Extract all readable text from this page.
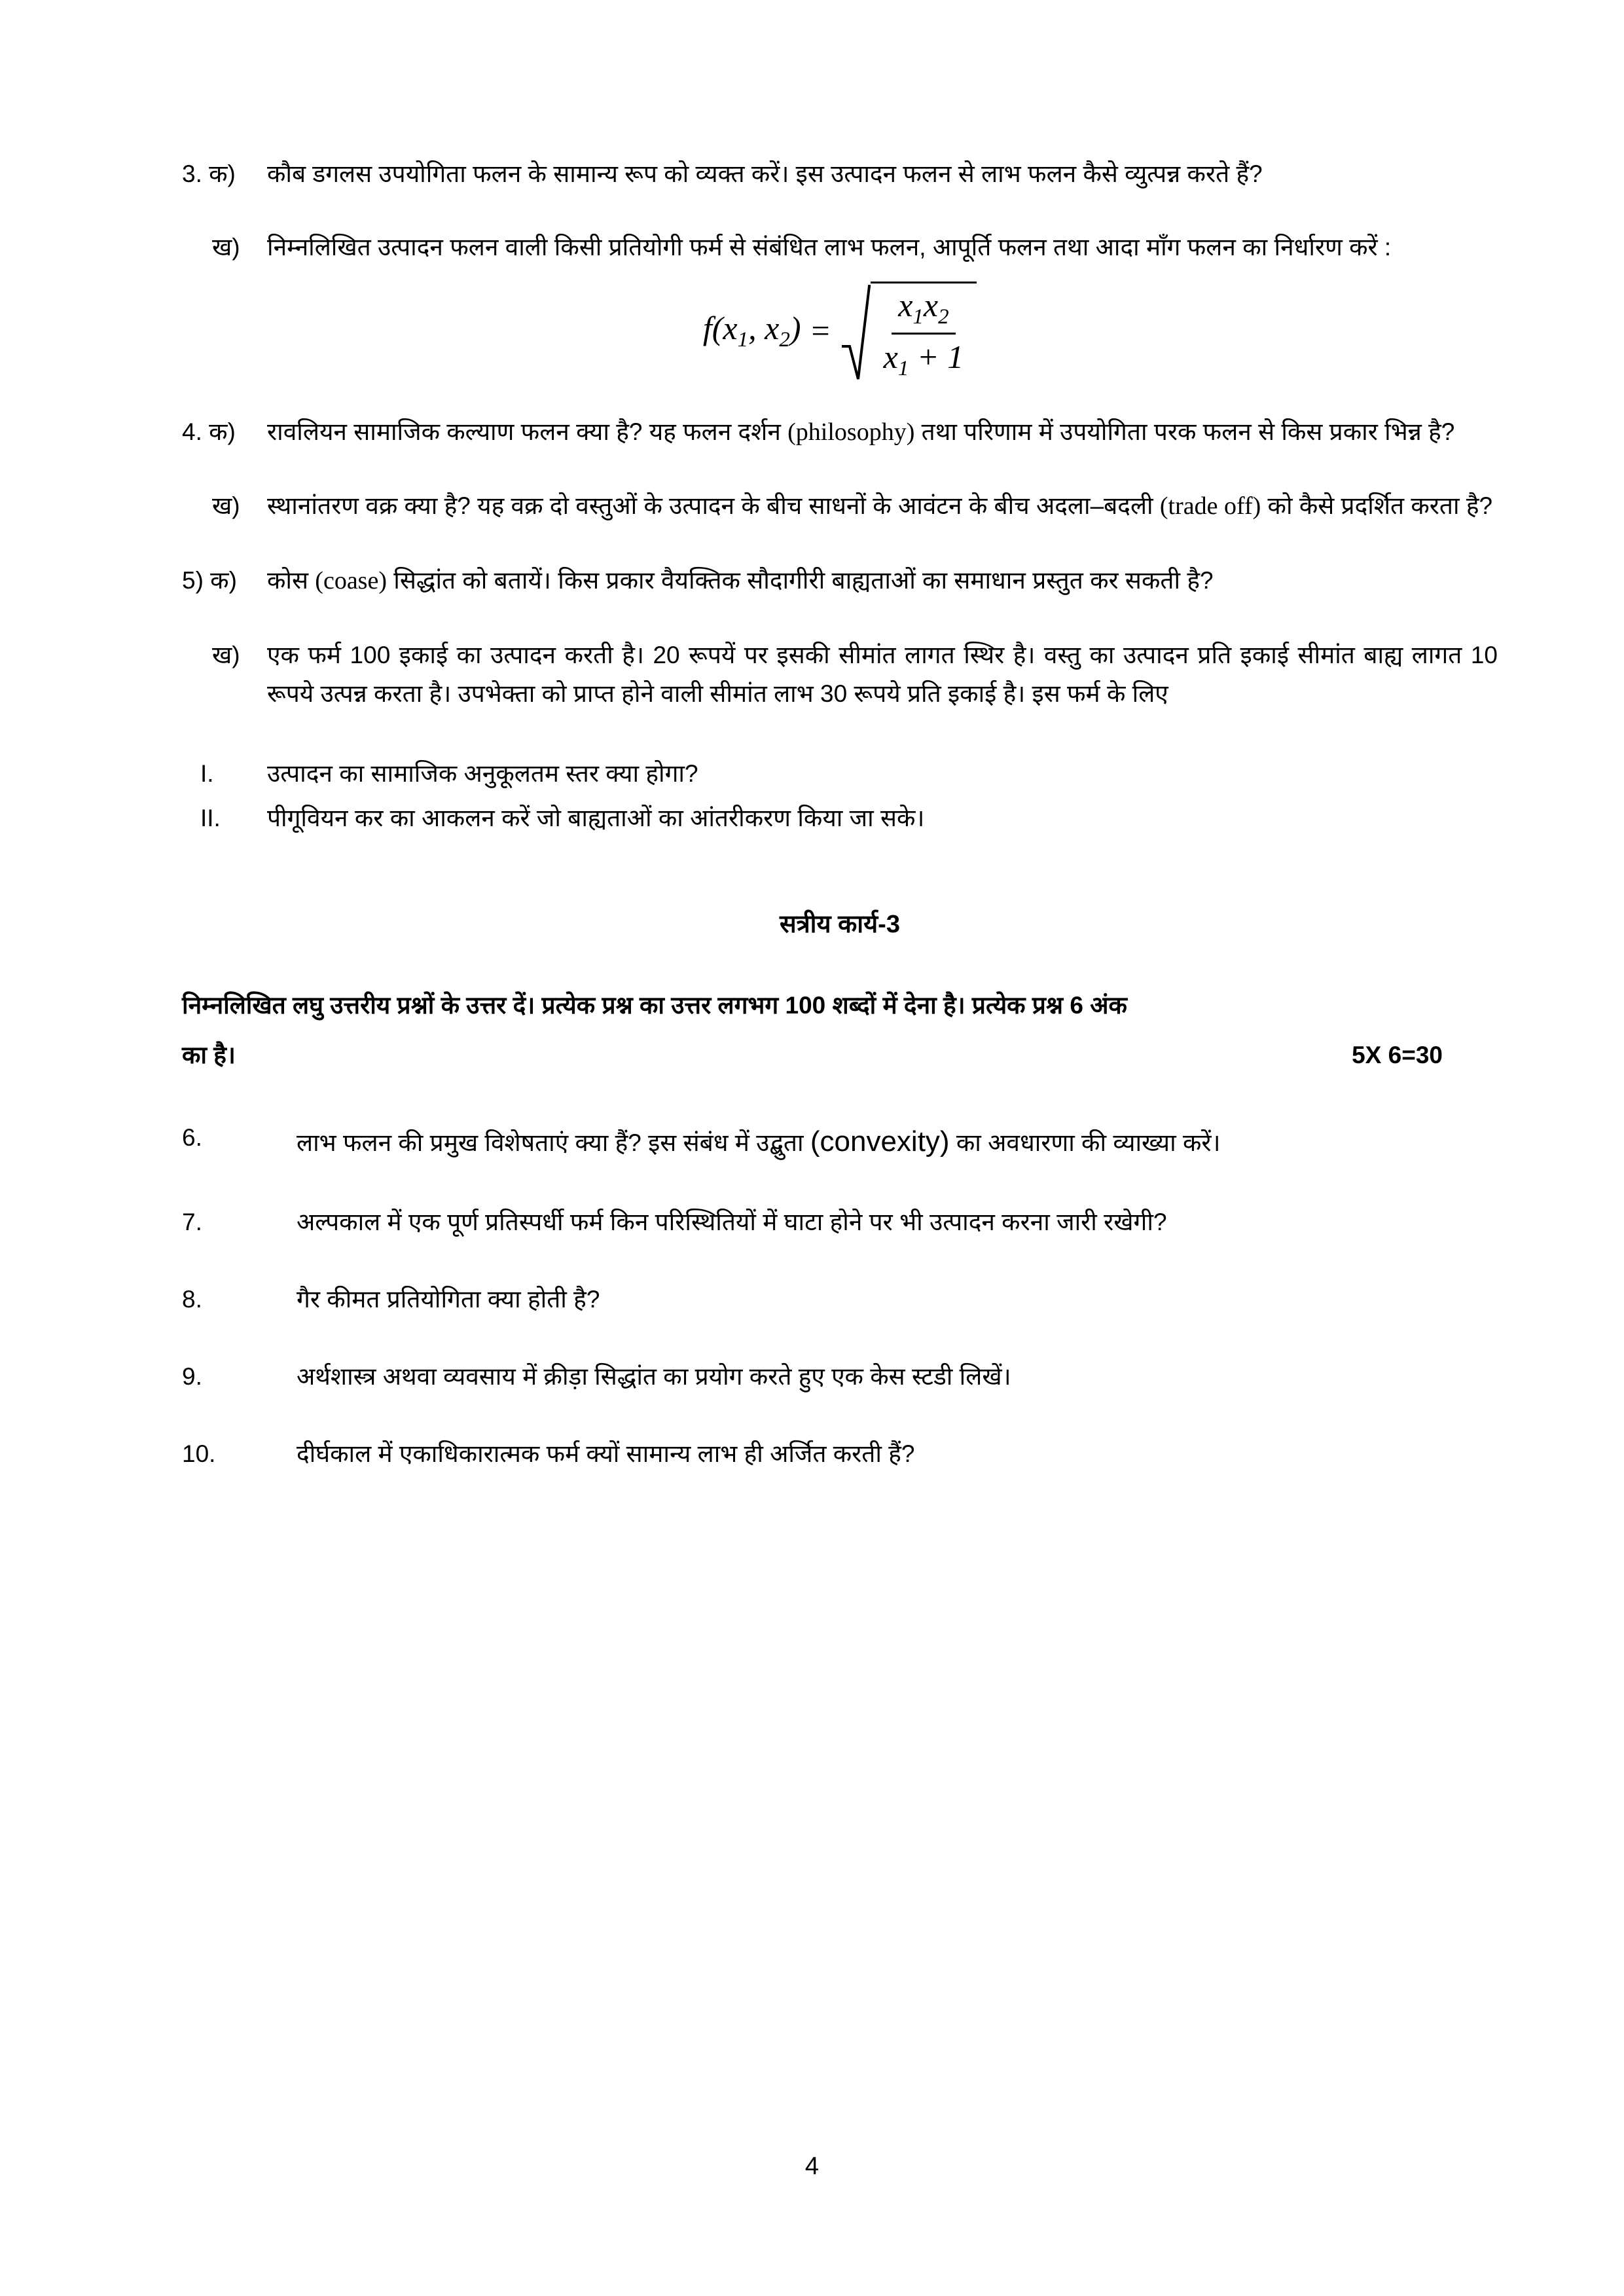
3. क)	कौब डगलस उपयोगिता फलन के सामान्य रूप को व्यक्त करें। इस उत्पादन फलन से लाभ फलन कैसे व्युत्पन्न करते हैं?
ख)	निम्नलिखित उत्पादन फलन वाली किसी प्रतियोगी फर्म से संबंधित लाभ फलन, आपूर्ति फलन तथा आदा माँग फलन का निर्धारण करें :
$f(x_1$, $x_2) = \frac{x_1x_2}{x_1 + 1}$
4. क)	रावलियन सामाजिक कल्याण फलन क्या है? यह फलन दर्शन (philosophy) तथा परिणाम में उपयोगिता परक फलन से किस प्रकार भिन्न है?
ख)	स्थानांतरण वक्र क्या है? यह वक्र दो वस्तुओं के उत्पादन के बीच साधनों के आवंटन के बीच अदला–बदली (trade off) को कैसे प्रदर्शित करता है?
5) क)	कोस (coase) सिद्धांत को बतायें। किस प्रकार वैयक्तिक सौदागीरी बाह्यताओं का समाधान प्रस्तुत कर सकती है?
ख)	एक फर्म 100 इकाई का उत्पादन करती है। 20 रूपयें पर इसकी सीमांत लागत स्थिर है। वस्तु का उत्पादन प्रति इकाई सीमांत बाह्य लागत 10 रूपये उत्पन्न करता है। उपभेक्ता को प्राप्त होने वाली सीमांत लाभ 30 रूपये प्रति इकाई है। इस फर्म के लिए
I.	उत्पादन का सामाजिक अनुकूलतम स्तर क्या होगा?
II.	पीगूवियन कर का आकलन करें जो बाह्यताओं का आंतरीकरण किया जा सके।
सत्रीय कार्य-3
निम्नलिखित लघु उत्तरीय प्रश्नों के उत्तर दें। प्रत्येक प्रश्न का उत्तर लगभग 100 शब्दों में देना है। प्रत्येक प्रश्न 6 अंक
का है।	5X 6=30
6.	लाभ फलन की प्रमुख विशेषताएं क्या हैं? इस संबंध में उद्बुता (convexity) का अवधारणा की व्याख्या करें।
7.	अल्पकाल में एक पूर्ण प्रतिस्पर्धी फर्म किन परिस्थितियों में घाटा होने पर भी उत्पादन करना जारी रखेगी?
8.	गैर कीमत प्रतियोगिता क्या होती है?
9.	अर्थशास्त्र अथवा व्यवसाय में क्रीड़ा सिद्धांत का प्रयोग करते हुए एक केस स्टडी लिखें।
10.	दीर्घकाल में एकाधिकारात्मक फर्म क्यों सामान्य लाभ ही अर्जित करती हैं?
4
